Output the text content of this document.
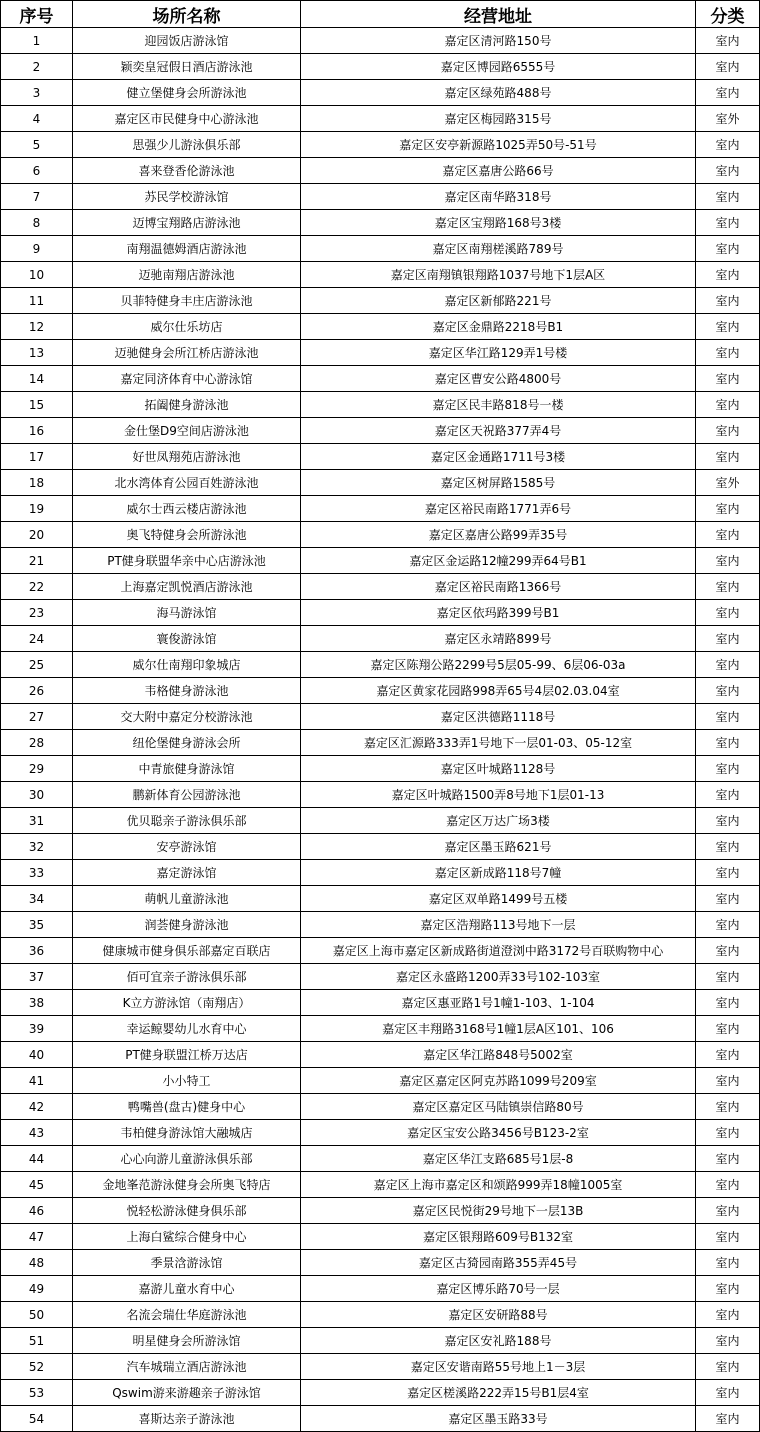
序号	场所名称	经营地址	分类
1	迎园饭店游泳馆	嘉定区清河路150号	室内
2	颖奕皇冠假日酒店游泳池	嘉定区博园路6555号	室内
3	健立堡健身会所游泳池	嘉定区绿苑路488号	室内
4	嘉定区市民健身中心游泳池	嘉定区梅园路315号	室外
5	思强少儿游泳俱乐部	嘉定区安亭新源路1025弄50号-51号	室内
6	喜来登香伦游泳池	嘉定区嘉唐公路66号	室内
7	苏民学校游泳馆	嘉定区南华路318号	室内
8	迈博宝翔路店游泳池	嘉定区宝翔路168号3楼	室内
9	南翔温德姆酒店游泳池	嘉定区南翔槎溪路789号	室内
10	迈驰南翔店游泳池	嘉定区南翔镇银翔路1037号地下1层A区	室内
11	贝菲特健身丰庄店游泳池	嘉定区新郁路221号	室内
12	威尔仕乐坊店	嘉定区金鼎路2218号B1	室内
13	迈驰健身会所江桥店游泳池	嘉定区华江路129弄1号楼	室内
14	嘉定同济体育中心游泳馆	嘉定区曹安公路4800号	室内
15	拓阖健身游泳池	嘉定区民丰路818号一楼	室内
16	金仕堡D9空间店游泳池	嘉定区天祝路377弄4号	室内
17	好世凤翔苑店游泳池	嘉定区金通路1711号3楼	室内
18	北水湾体育公园百姓游泳池	嘉定区树屏路1585号	室外
19	威尔士西云楼店游泳池	嘉定区裕民南路1771弄6号	室内
20	奥飞特健身会所游泳池	嘉定区嘉唐公路99弄35号	室内
21	PT健身联盟华亲中心店游泳池	嘉定区金运路12幢299弄64号B1	室内
22	上海嘉定凯悦酒店游泳池	嘉定区裕民南路1366号	室内
23	海马游泳馆	嘉定区依玛路399号B1	室内
24	寰俊游泳馆	嘉定区永靖路899号	室内
25	威尔仕南翔印象城店	嘉定区陈翔公路2299号5层05-99、6层06-03a	室内
26	韦格健身游泳池	嘉定区黄家花园路998弄65号4层02.03.04室	室内
27	交大附中嘉定分校游泳池	嘉定区洪德路1118号	室内
28	纽伦堡健身游泳会所	嘉定区汇源路333弄1号地下一层01-03、05-12室	室内
29	中青旅健身游泳馆	嘉定区叶城路1128号	室内
30	鹏新体育公园游泳池	嘉定区叶城路1500弄8号地下1层01-13	室内
31	优贝聪亲子游泳俱乐部	嘉定区万达广场3楼	室内
32	安亭游泳馆	嘉定区墨玉路621号	室内
33	嘉定游泳馆	嘉定区新成路118号7幢	室内
34	萌帆儿童游泳池	嘉定区双单路1499号五楼	室内
35	润荟健身游泳池	嘉定区浩翔路113号地下一层	室内
36	健康城市健身俱乐部嘉定百联店	嘉定区上海市嘉定区新成路街道澄浏中路3172号百联购物中心	室内
37	佰可宜亲子游泳俱乐部	嘉定区永盛路1200弄33号102-103室	室内
38	K立方游泳馆（南翔店）	嘉定区惠亚路1号1幢1-103、1-104	室内
39	幸运鲸婴幼儿水育中心	嘉定区丰翔路3168号1幢1层A区101、106	室内
40	PT健身联盟江桥万达店	嘉定区华江路848号5002室	室内
41	小小特工	嘉定区嘉定区阿克苏路1099号209室	室内
42	鸭嘴兽(盘古)健身中心	嘉定区嘉定区马陆镇崇信路80号	室内
43	韦柏健身游泳馆大融城店	嘉定区宝安公路3456号B123-2室	室内
44	心心向游儿童游泳俱乐部	嘉定区华江支路685号1层-8	室内
45	金地峯范游泳健身会所奥飞特店	嘉定区上海市嘉定区和颂路999弄18幢1005室	室内
46	悦轻松游泳健身俱乐部	嘉定区民悦街29号地下一层13B	室内
47	上海白鲨综合健身中心	嘉定区银翔路609号B132室	室内
48	季景浛游泳馆	嘉定区古猗园南路355弄45号	室内
49	嘉游儿童水育中心	嘉定区博乐路70号一层	室内
50	名流会瑞仕华庭游泳池	嘉定区安研路88号	室内
51	明星健身会所游泳馆	嘉定区安礼路188号	室内
52	汽车城瑞立酒店游泳池	嘉定区安谐南路55号地上1－3层	室内
53	Qswim游来游趣亲子游泳馆	嘉定区槎溪路222弄15号B1层4室	室内
54	喜斯达亲子游泳池	嘉定区墨玉路33号	室内
